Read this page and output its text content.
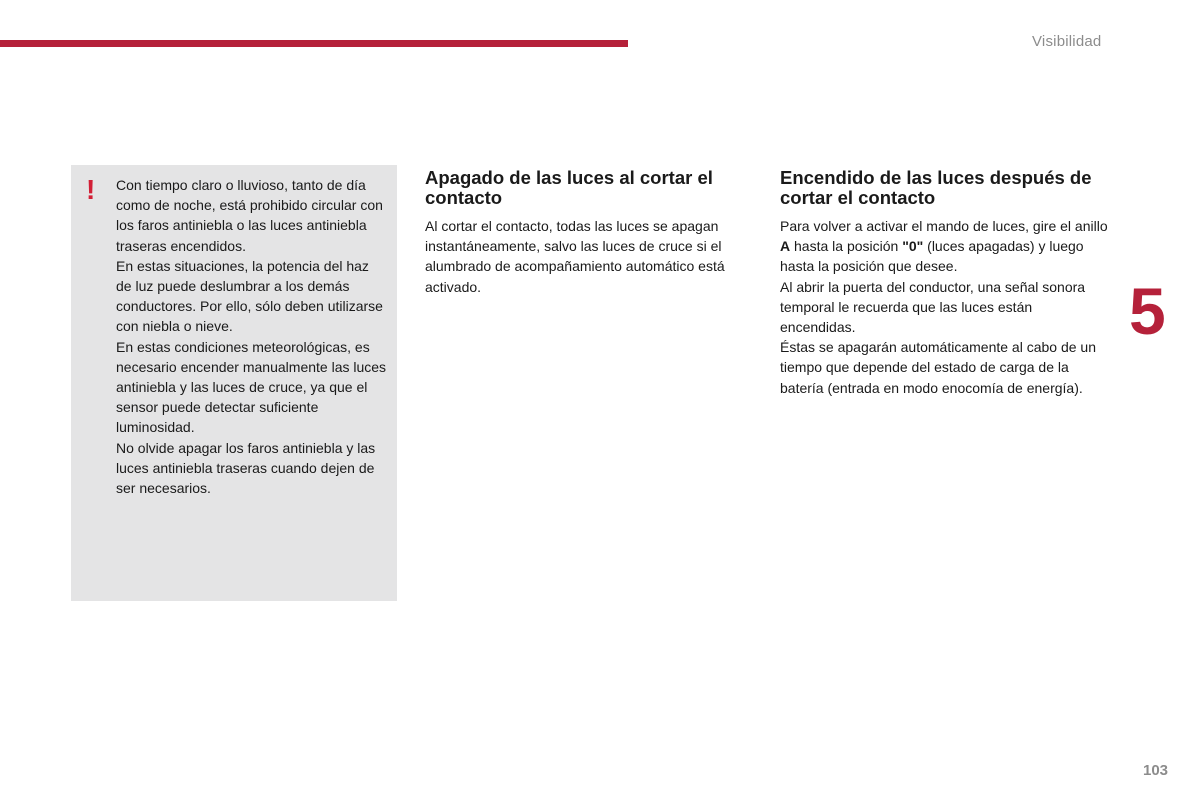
Visibilidad
5
! Con tiempo claro o lluvioso, tanto de día como de noche, está prohibido circular con los faros antiniebla o las luces antiniebla traseras encendidos.
En estas situaciones, la potencia del haz de luz puede deslumbrar a los demás conductores. Por ello, sólo deben utilizarse con niebla o nieve.
En estas condiciones meteorológicas, es necesario encender manualmente las luces antiniebla y las luces de cruce, ya que el sensor puede detectar suficiente luminosidad.
No olvide apagar los faros antiniebla y las luces antiniebla traseras cuando dejen de ser necesarios.

Apagado de las luces al cortar el contacto

Al cortar el contacto, todas las luces se apagan instantáneamente, salvo las luces de cruce si el alumbrado de acompañamiento automático está activado.

Encendido de las luces después de cortar el contacto

Para volver a activar el mando de luces, gire el anillo A hasta la posición "0" (luces apagadas) y luego hasta la posición que desee.

Al abrir la puerta del conductor, una señal sonora temporal le recuerda que las luces están encendidas.

Éstas se apagarán automáticamente al cabo de un tiempo que depende del estado de carga de la batería (entrada en modo enocomía de energía).

103
